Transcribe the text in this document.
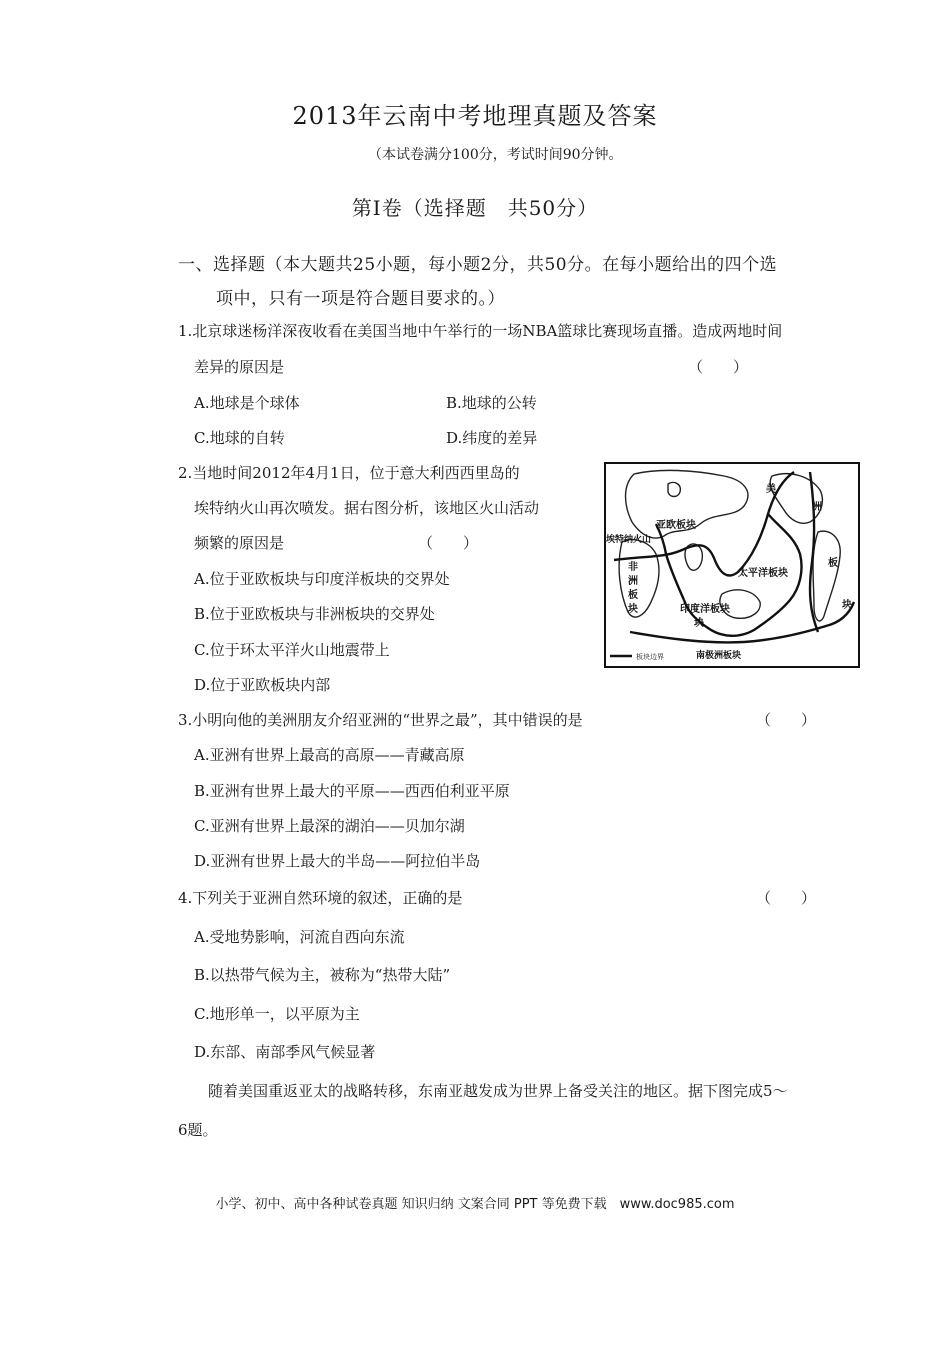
2013年云南中考地理真题及答案
（本试卷满分100分，考试时间90分钟。
第Ⅰ卷（选择题　共50分）
一、选择题（本大题共25小题，每小题2分，共50分。在每小题给出的四个选
项中，只有一项是符合题目要求的。）
1.北京球迷杨洋深夜收看在美国当地中午举行的一场NBA篮球比赛现场直播。造成两地时间
差异的原因是	（　　）
A.地球是个球体	B.地球的公转
C.地球的自转	D.纬度的差异
2.当地时间2012年4月1日，位于意大利西西里岛的
埃特纳火山再次喷发。据右图分析，该地区火山活动
频繁的原因是	（　　）
A.位于亚欧板块与印度洋板块的交界处
B.位于亚欧板块与非洲板块的交界处
C.位于环太平洋火山地震带上
D.位于亚欧板块内部
亚欧板块
埃特纳火山
非
洲
板
块
太平洋板块
印度洋板块
块
美
洲
板
块
南极洲板块
板块边界
3.小明向他的美洲朋友介绍亚洲的“世界之最”，其中错误的是	（　　）
A.亚洲有世界上最高的高原——青藏高原
B.亚洲有世界上最大的平原——西西伯利亚平原
C.亚洲有世界上最深的湖泊——贝加尔湖
D.亚洲有世界上最大的半岛——阿拉伯半岛
4.下列关于亚洲自然环境的叙述，正确的是	（　　）
A.受地势影响，河流自西向东流
B.以热带气候为主，被称为“热带大陆”
C.地形单一，以平原为主
D.东部、南部季风气候显著
随着美国重返亚太的战略转移，东南亚越发成为世界上备受关注的地区。据下图完成5～
6题。
小学、初中、高中各种试卷真题 知识归纳 文案合同 PPT 等免费下载　www.doc985.com
